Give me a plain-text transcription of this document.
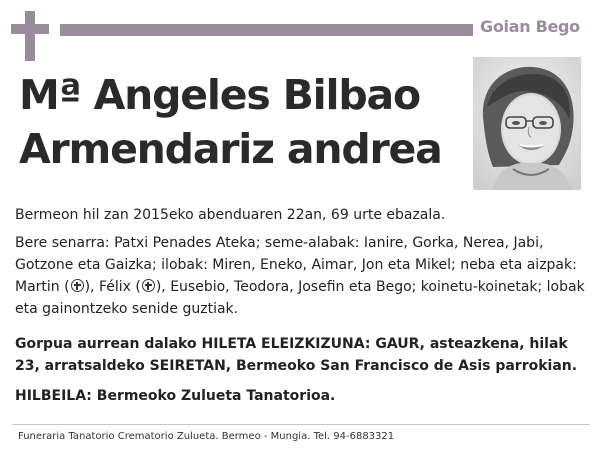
Goian Bego
Mª Angeles Bilbao
Armendariz andrea
Bermeon hil zan 2015eko abenduaren 22an, 69 urte ebazala.
Bere senarra: Patxi Penades Ateka; seme-alabak: Ianire, Gorka, Nerea, Jabi, Gotzone eta Gaizka; ilobak: Miren, Eneko, Aimar, Jon eta Mikel; neba eta aizpak: Martin ( ), Félix ( ), Eusebio, Teodora, Josefin eta Bego; koinetu-koinetak; lobak eta gainontzeko senide guztiak.
Gorpua aurrean dalako HILETA ELEIZKIZUNA: GAUR, asteazkena, hilak 23, arratsaldeko SEIRETAN, Bermeoko San Francisco de Asis parrokian.
HILBEILA: Bermeoko Zulueta Tanatorioa.
Funeraria Tanatorio Crematorio Zulueta. Bermeo - Mungia. Tel. 94-6883321
